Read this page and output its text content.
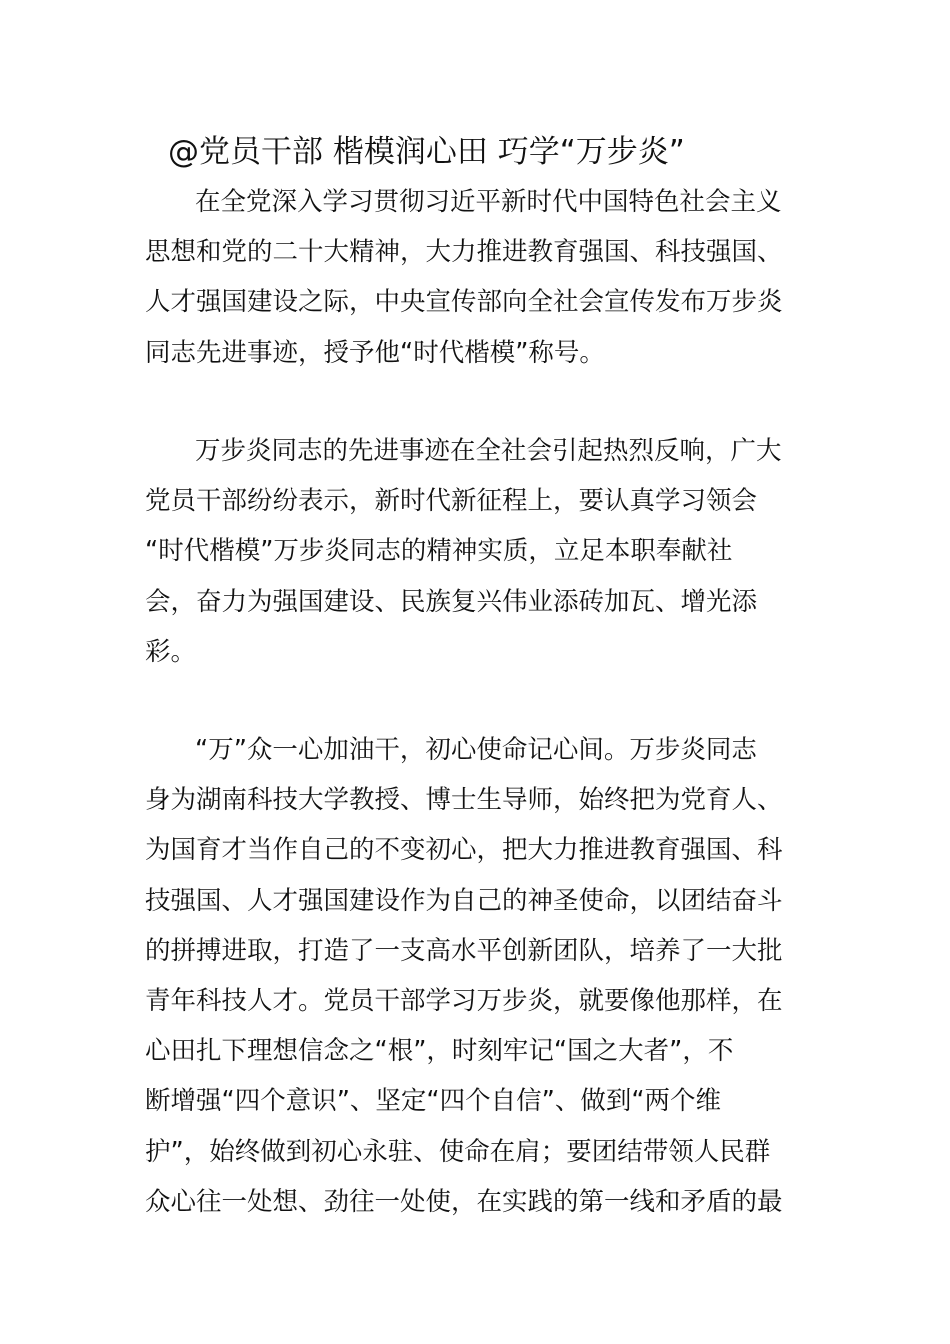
@党员干部 楷模润心田 巧学“万步炎”
在全党深入学习贯彻习近平新时代中国特色社会主义
思想和党的二十大精神，大力推进教育强国、科技强国、
人才强国建设之际，中央宣传部向全社会宣传发布万步炎
同志先进事迹，授予他“时代楷模”称号。
万步炎同志的先进事迹在全社会引起热烈反响，广大
党员干部纷纷表示，新时代新征程上，要认真学习领会
“时代楷模”万步炎同志的精神实质，立足本职奉献社
会，奋力为强国建设、民族复兴伟业添砖加瓦、增光添
彩。
“万”众一心加油干，初心使命记心间。万步炎同志
身为湖南科技大学教授、博士生导师，始终把为党育人、
为国育才当作自己的不变初心，把大力推进教育强国、科
技强国、人才强国建设作为自己的神圣使命，以团结奋斗
的拼搏进取，打造了一支高水平创新团队，培养了一大批
青年科技人才。党员干部学习万步炎，就要像他那样，在
心田扎下理想信念之“根”，时刻牢记“国之大者”，不
断增强“四个意识”、坚定“四个自信”、做到“两个维
护”，始终做到初心永驻、使命在肩；要团结带领人民群
众心往一处想、劲往一处使，在实践的第一线和矛盾的最
